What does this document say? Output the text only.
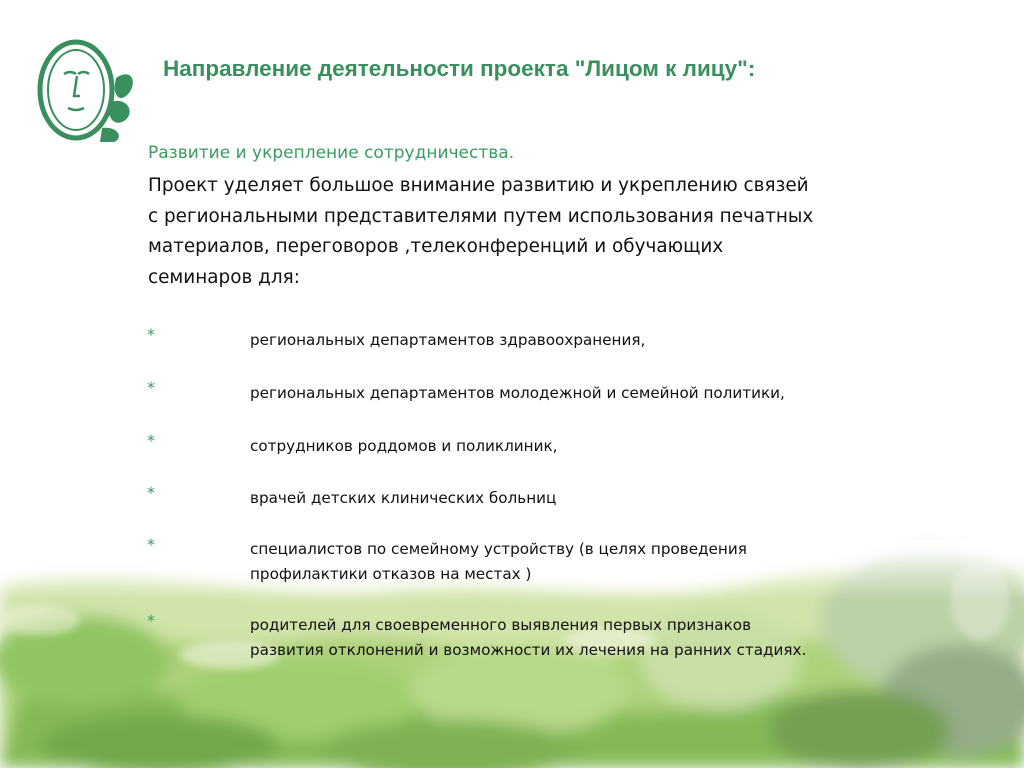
Направление деятельности проекта "Лицом к лицу":
Развитие и укрепление сотрудничества.
Проект уделяет большое внимание развитию и укреплению связей
с региональными представителями путем использования печатных
материалов, переговоров ,телеконференций и обучающих
семинаров для:
*	региональных департаментов здравоохранения,
*	региональных департаментов молодежной и семейной политики,
*	сотрудников роддомов и поликлиник,
*	врачей детских клинических больниц
*	специалистов по семейному устройству (в целях проведения
профилактики отказов на местах )
*	родителей для своевременного выявления первых признаков
развития отклонений и возможности их лечения на ранних стадиях.
